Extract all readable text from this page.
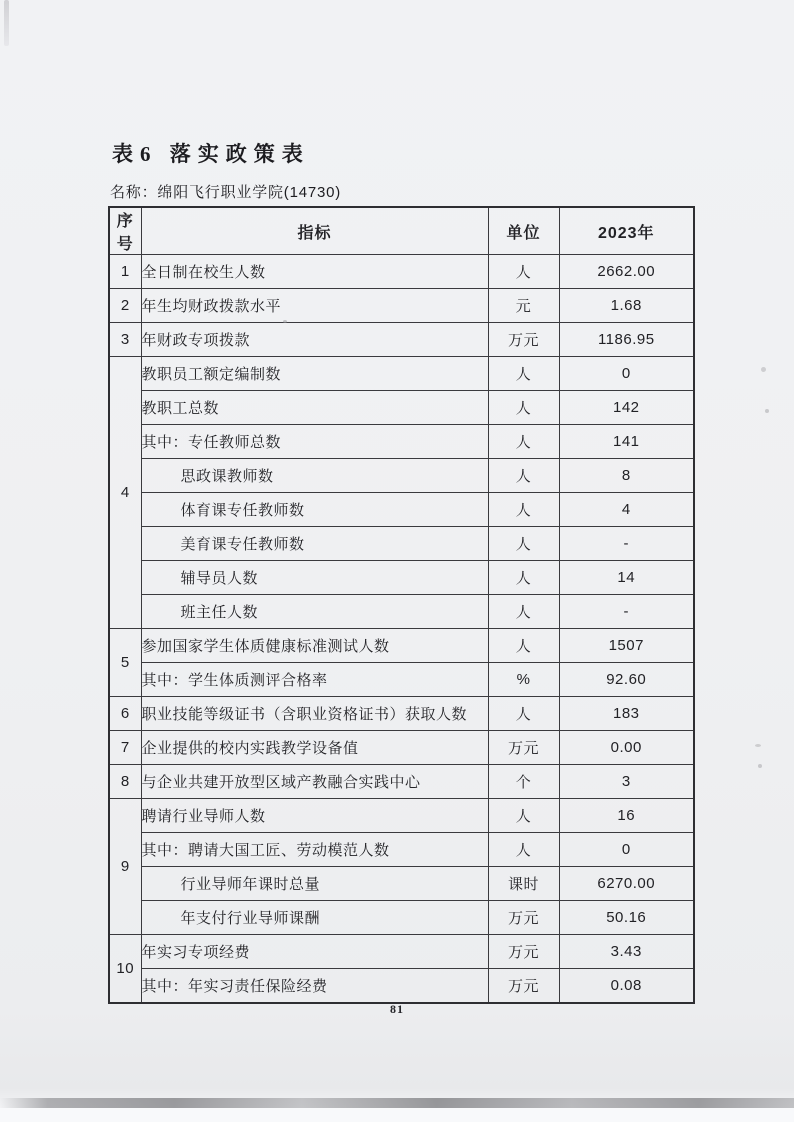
表6 落实政策表
名称：绵阳飞行职业学院(14730)
序号	指标	单位	2023年
1	全日制在校生人数	人	2662.00
2	年生均财政拨款水平	元	1.68
3	年财政专项拨款	万元	1186.95
4	教职员工额定编制数	人	0
	教职工总数	人	142
	其中：专任教师总数	人	141
	思政课教师数	人	8
	体育课专任教师数	人	4
	美育课专任教师数	人	-
	辅导员人数	人	14
	班主任人数	人	-
5	参加国家学生体质健康标准测试人数	人	1507
	其中：学生体质测评合格率	%	92.60
6	职业技能等级证书（含职业资格证书）获取人数	人	183
7	企业提供的校内实践教学设备值	万元	0.00
8	与企业共建开放型区域产教融合实践中心	个	3
9	聘请行业导师人数	人	16
	其中：聘请大国工匠、劳动模范人数	人	0
	行业导师年课时总量	课时	6270.00
	年支付行业导师课酬	万元	50.16
10	年实习专项经费	万元	3.43
	其中：年实习责任保险经费	万元	0.08
81
